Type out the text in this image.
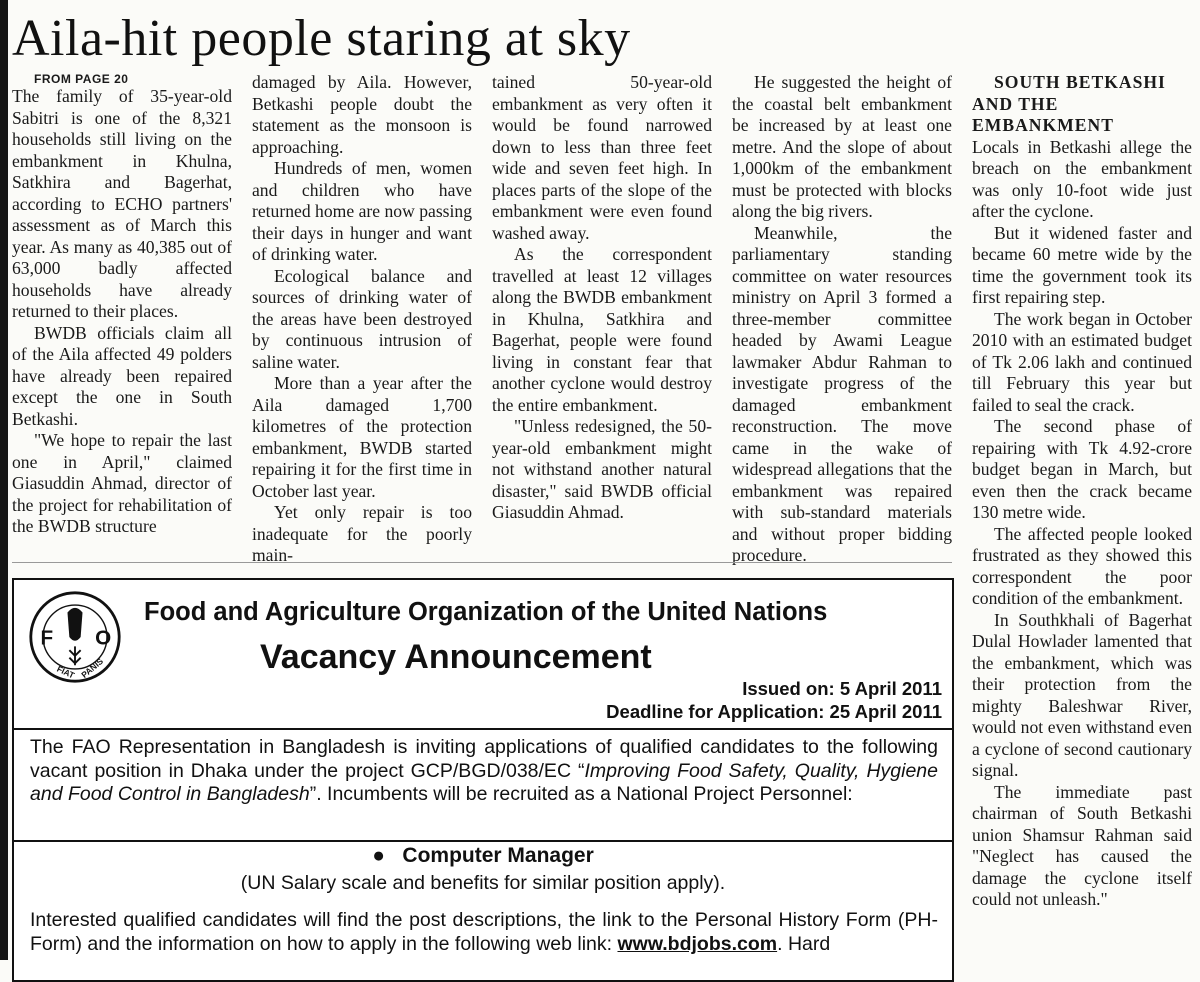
Aila-hit people staring at sky

FROM PAGE 20

The family of 35-year-old Sabitri is one of the 8,321 households still living on the embankment in Khulna, Satkhira and Bagerhat, according to ECHO partners' assessment as of March this year. As many as 40,385 out of 63,000 badly affected households have already returned to their places.

BWDB officials claim all of the Aila affected 49 polders have already been repaired except the one in South Betkashi.

"We hope to repair the last one in April," claimed Giasuddin Ahmad, director of the project for rehabilitation of the BWDB structure

damaged by Aila. However, Betkashi people doubt the statement as the monsoon is approaching.

Hundreds of men, women and children who have returned home are now passing their days in hunger and want of drinking water.

Ecological balance and sources of drinking water of the areas have been destroyed by continuous intrusion of saline water.

More than a year after the Aila damaged 1,700 kilometres of the protection embankment, BWDB started repairing it for the first time in October last year.

Yet only repair is too inadequate for the poorly main-

tained 50-year-old embankment as very often it would be found narrowed down to less than three feet wide and seven feet high. In places parts of the slope of the embankment were even found washed away.

As the correspondent travelled at least 12 villages along the BWDB embankment in Khulna, Satkhira and Bagerhat, people were found living in constant fear that another cyclone would destroy the entire embankment.

"Unless redesigned, the 50-year-old embankment might not withstand another natural disaster," said BWDB official Giasuddin Ahmad.

He suggested the height of the coastal belt embankment be increased by at least one metre. And the slope of about 1,000km of the embankment must be protected with blocks along the big rivers.

Meanwhile, the parliamentary standing committee on water resources ministry on April 3 formed a three-member committee headed by Awami League lawmaker Abdur Rahman to investigate progress of the damaged embankment reconstruction. The move came in the wake of widespread allegations that the embankment was repaired with sub-standard materials and without proper bidding procedure.

SOUTH BETKASHI AND THE EMBANKMENT

Locals in Betkashi allege the breach on the embankment was only 10-foot wide just after the cyclone.

But it widened faster and became 60 metre wide by the time the government took its first repairing step.

The work began in October 2010 with an estimated budget of Tk 2.06 lakh and continued till February this year but failed to seal the crack.

The second phase of repairing with Tk 4.92-crore budget began in March, but even then the crack became 130 metre wide.

The affected people looked frustrated as they showed this correspondent the poor condition of the embankment.

In Southkhali of Bagerhat Dulal Howlader lamented that the embankment, which was their protection from the mighty Baleshwar River, would not even withstand even a cyclone of second cautionary signal.

The immediate past chairman of South Betkashi union Shamsur Rahman said "Neglect has caused the damage the cyclone itself could not unleash."

F O
FIAT PANIS
Food and Agriculture Organization of the United Nations
Vacancy Announcement
Issued on: 5 April 2011
Deadline for Application: 25 April 2011
The FAO Representation in Bangladesh is inviting applications of qualified candidates to the following vacant position in Dhaka under the project GCP/BGD/038/EC “Improving Food Safety, Quality, Hygiene and Food Control in Bangladesh”. Incumbents will be recruited as a National Project Personnel:
●   Computer Manager
(UN Salary scale and benefits for similar position apply).
Interested qualified candidates will find the post descriptions, the link to the Personal History Form (PH-Form) and the information on how to apply in the following web link: www.bdjobs.com. Hard
